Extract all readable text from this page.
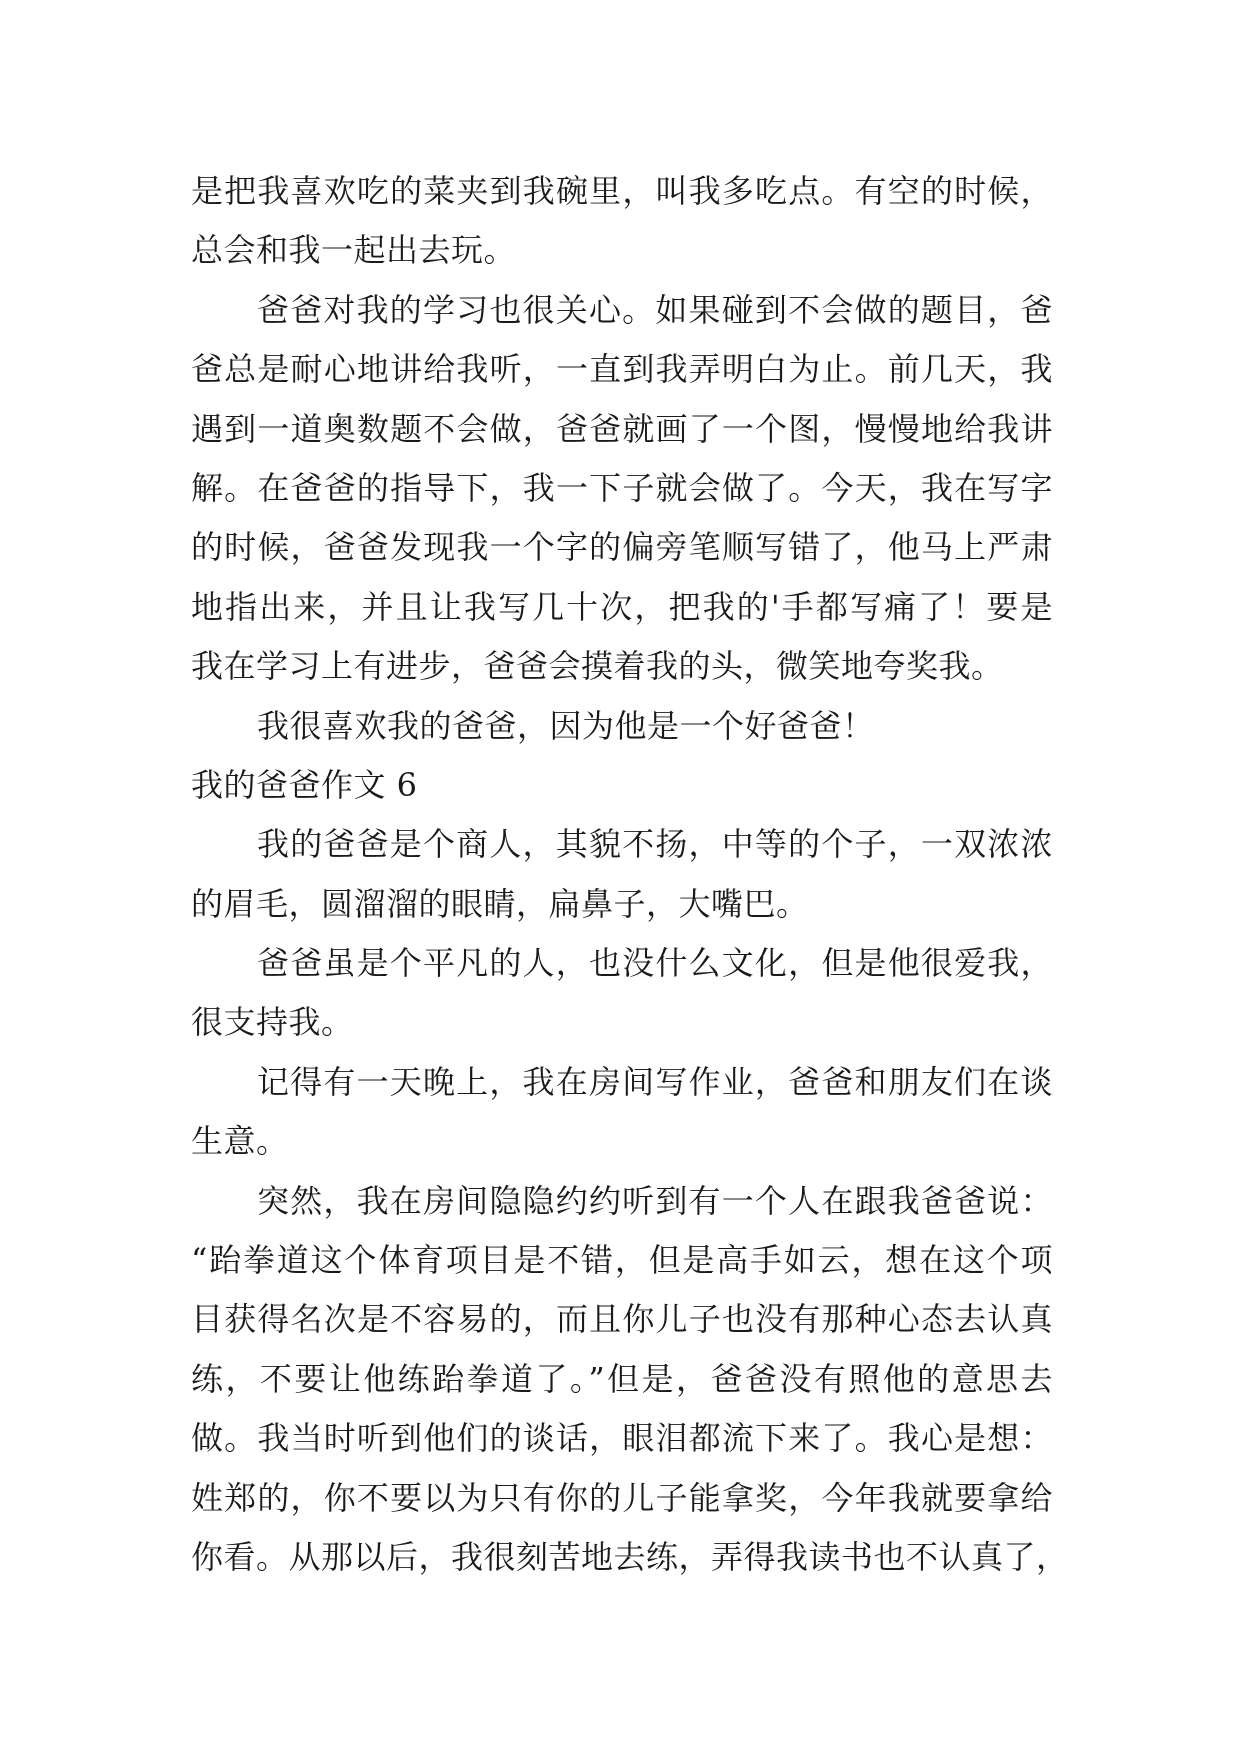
是把我喜欢吃的菜夹到我碗里，叫我多吃点。有空的时候，
总会和我一起出去玩。
爸爸对我的学习也很关心。如果碰到不会做的题目，爸
爸总是耐心地讲给我听，一直到我弄明白为止。前几天，我
遇到一道奥数题不会做，爸爸就画了一个图，慢慢地给我讲
解。在爸爸的指导下，我一下子就会做了。今天，我在写字
的时候，爸爸发现我一个字的偏旁笔顺写错了，他马上严肃
地指出来，并且让我写几十次，把我的'手都写痛了！要是
我在学习上有进步，爸爸会摸着我的头，微笑地夸奖我。
我很喜欢我的爸爸，因为他是一个好爸爸！
我的爸爸作文 6
我的爸爸是个商人，其貌不扬，中等的个子，一双浓浓
的眉毛，圆溜溜的眼睛，扁鼻子，大嘴巴。
爸爸虽是个平凡的人，也没什么文化，但是他很爱我，
很支持我。
记得有一天晚上，我在房间写作业，爸爸和朋友们在谈
生意。
突然，我在房间隐隐约约听到有一个人在跟我爸爸说：
“跆拳道这个体育项目是不错，但是高手如云，想在这个项
目获得名次是不容易的，而且你儿子也没有那种心态去认真
练，不要让他练跆拳道了。”但是，爸爸没有照他的意思去
做。我当时听到他们的谈话，眼泪都流下来了。我心是想：
姓郑的，你不要以为只有你的儿子能拿奖，今年我就要拿给
你看。从那以后，我很刻苦地去练，弄得我读书也不认真了，
